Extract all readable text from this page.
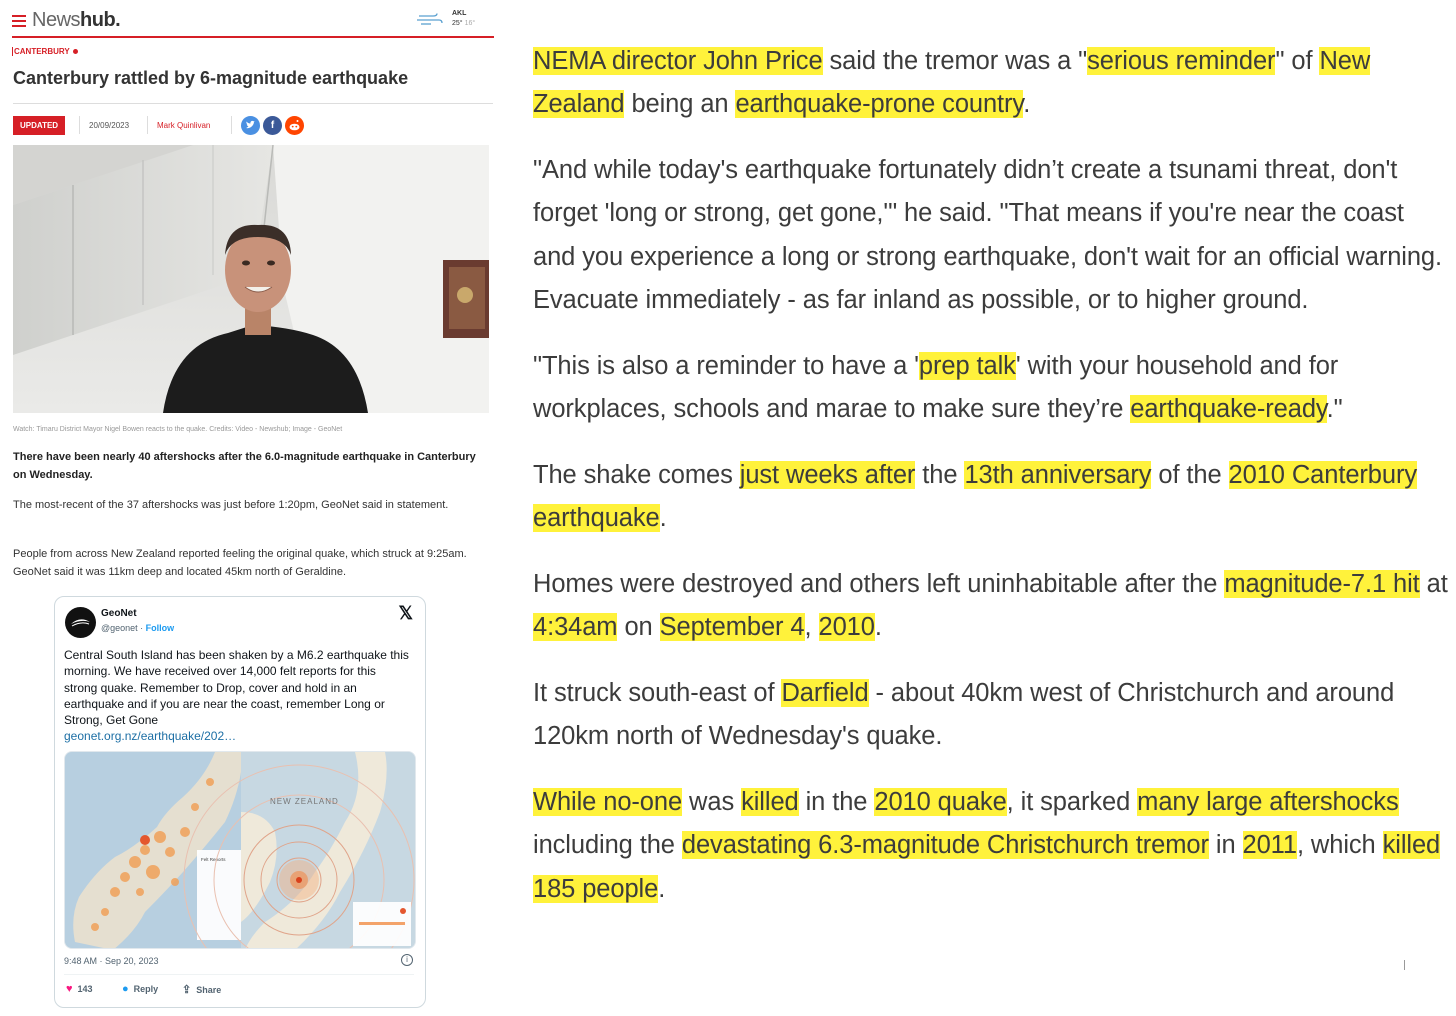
Newshub.	AKL
25° 16°
CANTERBURY
Canterbury rattled by 6-magnitude earthquake
UPDATED	20/09/2023	Mark Quinlivan	f
Watch: Timaru District Mayor Nigel Bowen reacts to the quake. Credits: Video - Newshub; Image - GeoNet

There have been nearly 40 aftershocks after the 6.0-magnitude earthquake in Canterbury on Wednesday.

The most-recent of the 37 aftershocks was just before 1:20pm, GeoNet said in statement.

People from across New Zealand reported feeling the original quake, which struck at 9:25am. GeoNet said it was 11km deep and located 45km north of Geraldine.

GeoNet
@geonet · Follow
𝕏
Central South Island has been shaken by a M6.2 earthquake this morning. We have received over 14,000 felt reports for this strong quake. Remember to Drop, cover and hold in an earthquake and if you are near the coast, remember Long or Strong, Get Gone
geonet.org.nz/earthquake/202…
Felt Reports
NEW ZEALAND
9:48 AM · Sep 20, 2023	i
♥ 143	● Reply ⇪ Share

NEMA director John Price said the tremor was a "serious reminder" of New Zealand being an earthquake-prone country.

"And while today's earthquake fortunately didn’t create a tsunami threat, don't forget 'long or strong, get gone,'" he said. "That means if you're near the coast and you experience a long or strong earthquake, don't wait for an official warning. Evacuate immediately - as far inland as possible, or to higher ground.

"This is also a reminder to have a 'prep talk' with your household and for workplaces, schools and marae to make sure they’re earthquake-ready."

The shake comes just weeks after the 13th anniversary of the 2010 Canterbury earthquake.

Homes were destroyed and others left uninhabitable after the magnitude-7.1 hit at 4:34am on September 4, 2010.

It struck south-east of Darfield - about 40km west of Christchurch and around 120km north of Wednesday's quake.

While no-one was killed in the 2010 quake, it sparked many large aftershocks including the devastating 6.3-magnitude Christchurch tremor in 2011, which killed 185 people.
